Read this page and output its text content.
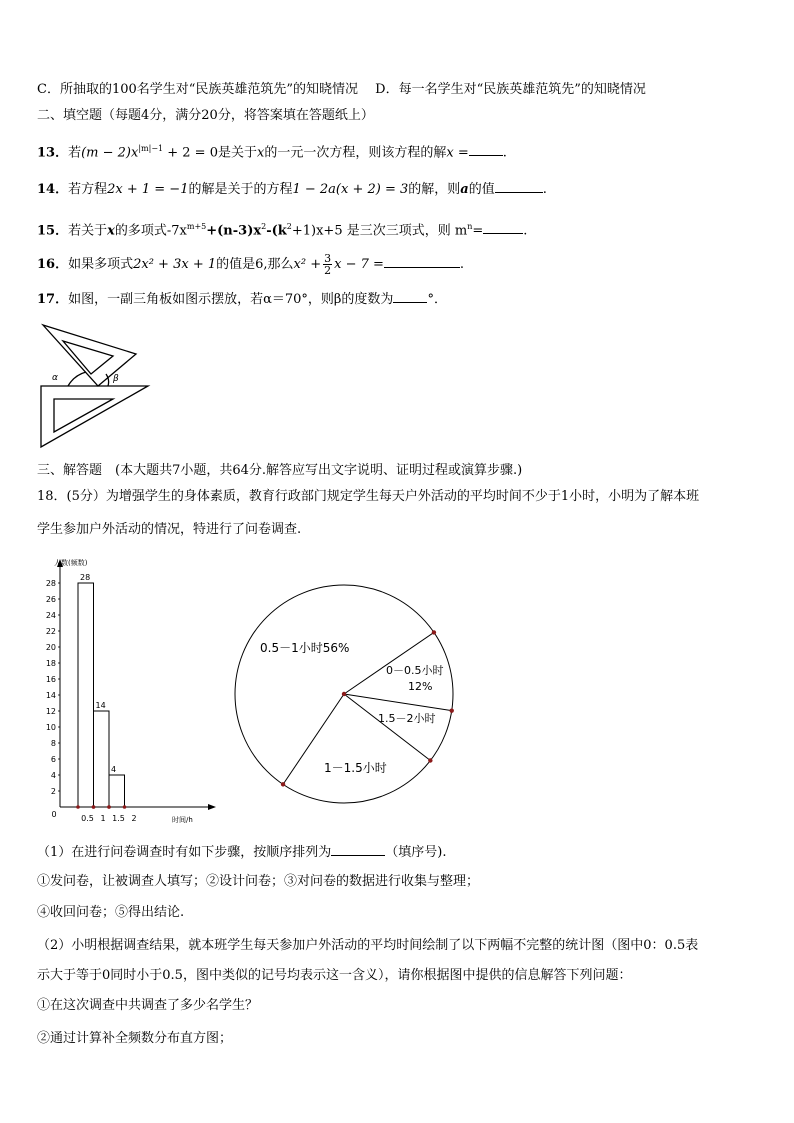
C．所抽取的100名学生对“民族英雄范筑先”的知晓情况　 D．每一名学生对“民族英雄范筑先”的知晓情况
二、填空题（每题4分，满分20分，将答案填在答题纸上）
13．若$(m - 2)x^{|m|-1} + 2 = 0$是关于x的一元一次方程，则该方程的解x =	.
14．若方程2x + 1 = −1的解是关于的方程1 − 2a(x + 2) = 3的解，则a的值	.
15．若关于x的多项式$-7x^{m+5}+(n-3)x^2-(k^2+1)x+5$ 是三次三项式，则 $m^n=$	.
16．如果多项式2x² + 3x + 1的值是6,那么$x^2 + \frac{3}{2}$ x − 7 =	.
17．如图，一副三角板如图示摆放，若α＝70°，则β的度数为	°．
α	β
三、解答题　(本大题共7小题，共64分.解答应写出文字说明、证明过程或演算步骤.)
18．(5分）为增强学生的身体素质，教育行政部门规定学生每天户外活动的平均时间不少于1小时，小明为了解本班
学生参加户外活动的情况，特进行了问卷调查.
人数(频数)
时间/h
2
4
6
8
10
12
14
16
18
20
22
24
26
28
0	0.5 1 1.5 2
28
14
4
0.5－1小时56%
0－0.5小时
12%
1.5－2小时
1－1.5小时
（1）在进行问卷调查时有如下步骤，按顺序排列为	（填序号).
①发问卷，让被调查人填写；②设计问卷；③对问卷的数据进行收集与整理；
④收回问卷；⑤得出结论.
（2）小明根据调查结果，就本班学生每天参加户外活动的平均时间绘制了以下两幅不完整的统计图（图中0：0.5表
示大于等于0同时小于0.5，图中类似的记号均表示这一含义），请你根据图中提供的信息解答下列问题：
①在这次调查中共调查了多少名学生？
②通过计算补全频数分布直方图；
